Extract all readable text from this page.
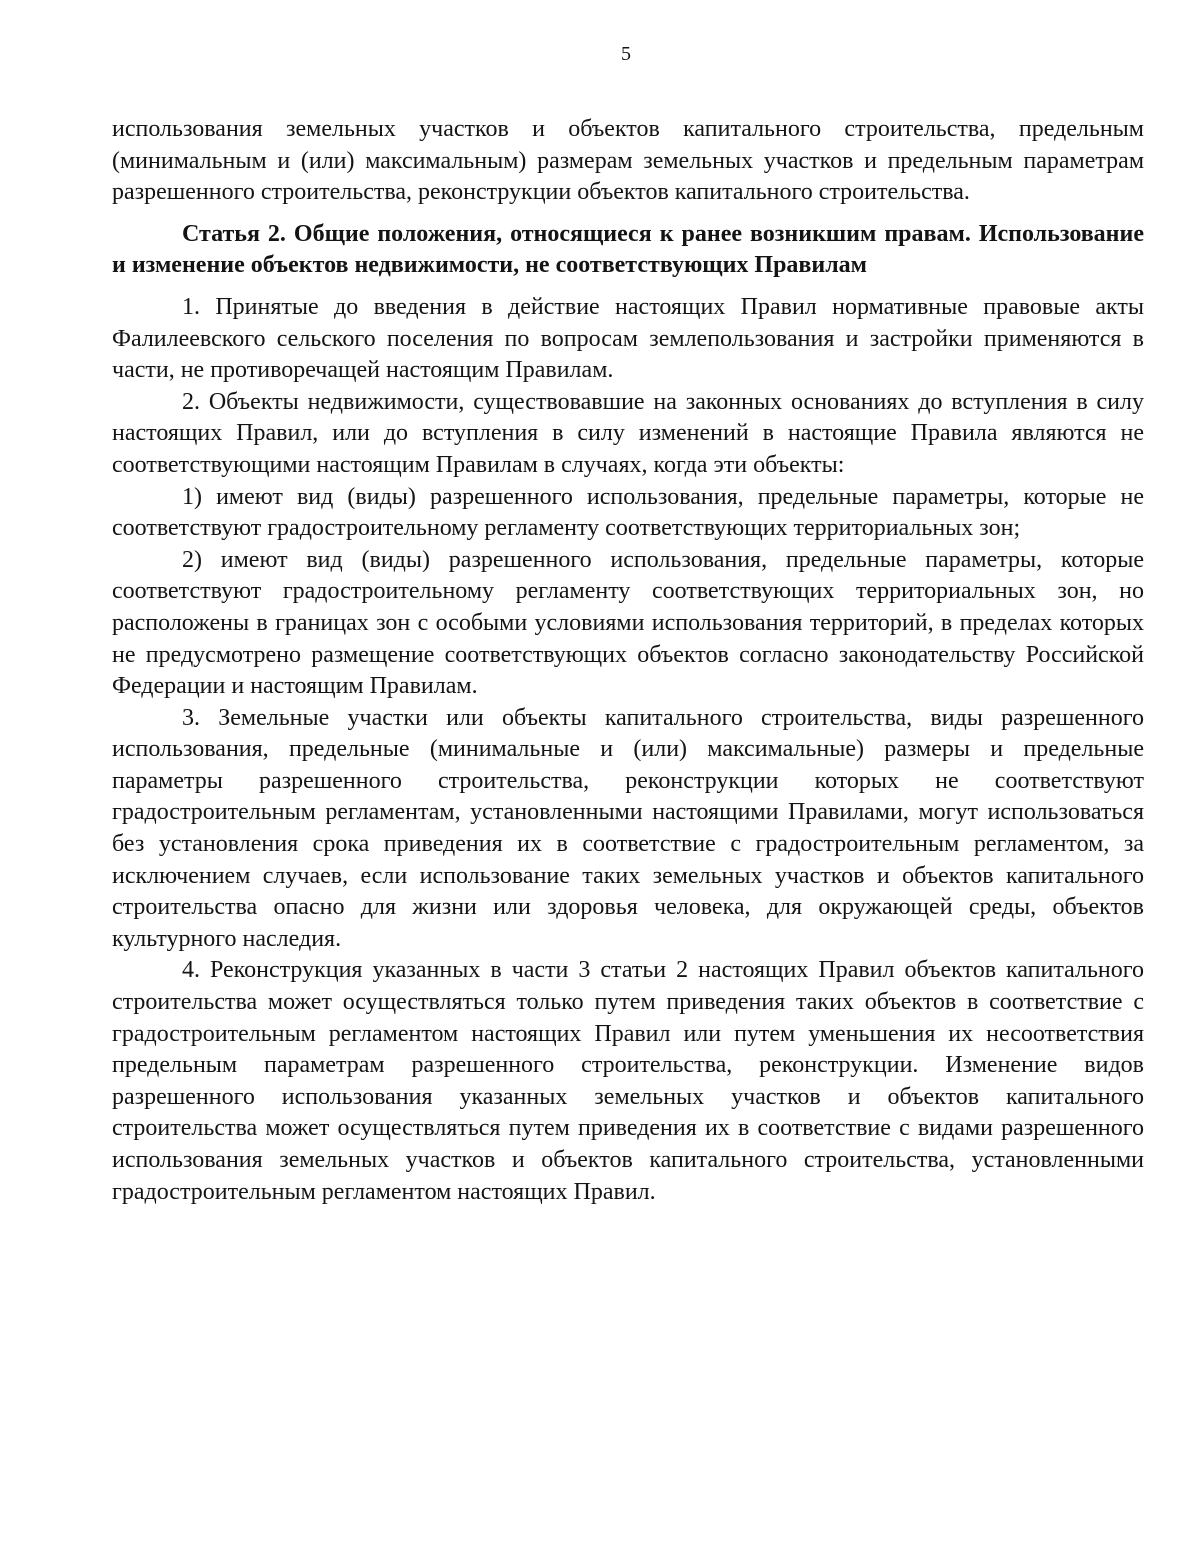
5

использования земельных участков и объектов капитального строительства, предельным (минимальным и (или) максимальным) размерам земельных участков и предельным параметрам разрешенного строительства, реконструкции объектов капитального строительства.

Статья 2. Общие положения, относящиеся к ранее возникшим правам. Использование и изменение объектов недвижимости, не соответствующих Правилам

1. Принятые до введения в действие настоящих Правил нормативные правовые акты Фалилеевского сельского поселения по вопросам землепользования и застройки применяются в части, не противоречащей настоящим Правилам.

2. Объекты недвижимости, существовавшие на законных основаниях до вступления в силу настоящих Правил, или до вступления в силу изменений в настоящие Правила являются не соответствующими настоящим Правилам в случаях, когда эти объекты:

1) имеют вид (виды) разрешенного использования, предельные параметры, которые не соответствуют градостроительному регламенту соответствующих территориальных зон;

2) имеют вид (виды) разрешенного использования, предельные параметры, которые соответствуют градостроительному регламенту соответствующих территориальных зон, но расположены в границах зон с особыми условиями использования территорий, в пределах которых не предусмотрено размещение соответствующих объектов согласно законодательству Российской Федерации и настоящим Правилам.

3. Земельные участки или объекты капитального строительства, виды разрешенного использования, предельные (минимальные и (или) максимальные) размеры и предельные параметры разрешенного строительства, реконструкции которых не соответствуют градостроительным регламентам, установленными настоящими Правилами, могут использоваться без установления срока приведения их в соответствие с градостроительным регламентом, за исключением случаев, если использование таких земельных участков и объектов капитального строительства опасно для жизни или здоровья человека, для окружающей среды, объектов культурного наследия.

4. Реконструкция указанных в части 3 статьи 2 настоящих Правил объектов капитального строительства может осуществляться только путем приведения таких объектов в соответствие с градостроительным регламентом настоящих Правил или путем уменьшения их несоответствия предельным параметрам разрешенного строительства, реконструкции. Изменение видов разрешенного использования указанных земельных участков и объектов капитального строительства может осуществляться путем приведения их в соответствие с видами разрешенного использования земельных участков и объектов капитального строительства, установленными градостроительным регламентом настоящих Правил.
